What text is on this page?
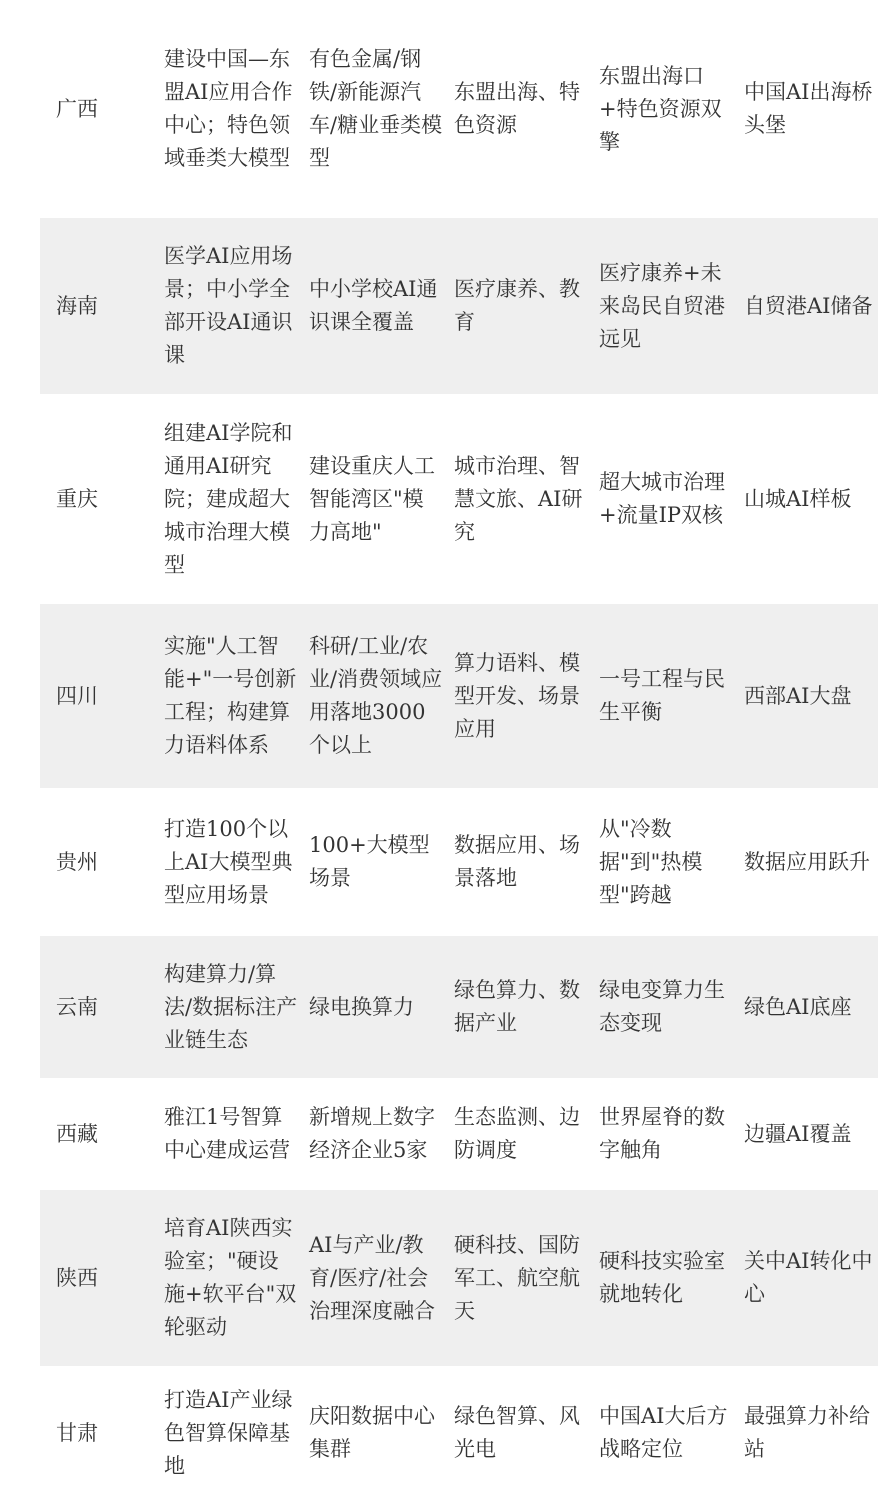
广西	建设中国—东盟AI应用合作中心；特色领域垂类大模型	有色金属/钢铁/新能源汽车/糖业垂类模型	东盟出海、特色资源	东盟出海口+特色资源双擎	中国AI出海桥头堡
海南	医学AI应用场景；中小学全部开设AI通识课	中小学校AI通识课全覆盖	医疗康养、教育	医疗康养+未来岛民自贸港远见	自贸港AI储备
重庆	组建AI学院和通用AI研究院；建成超大城市治理大模型	建设重庆人工智能湾区"模力高地"	城市治理、智慧文旅、AI研究	超大城市治理+流量IP双核	山城AI样板
四川	实施"人工智能+"一号创新工程；构建算力语料体系	科研/工业/农业/消费领域应用落地3000个以上	算力语料、模型开发、场景应用	一号工程与民生平衡	西部AI大盘
贵州	打造100个以上AI大模型典型应用场景	100+大模型场景	数据应用、场景落地	从"冷数据"到"热模型"跨越	数据应用跃升
云南	构建算力/算法/数据标注产业链生态	绿电换算力	绿色算力、数据产业	绿电变算力生态变现	绿色AI底座
西藏	雅江1号智算中心建成运营	新增规上数字经济企业5家	生态监测、边防调度	世界屋脊的数字触角	边疆AI覆盖
陕西	培育AI陕西实验室；"硬设施+软平台"双轮驱动	AI与产业/教育/医疗/社会治理深度融合	硬科技、国防军工、航空航天	硬科技实验室就地转化	关中AI转化中心
甘肃	打造AI产业绿色智算保障基地	庆阳数据中心集群	绿色智算、风光电	中国AI大后方战略定位	最强算力补给站
